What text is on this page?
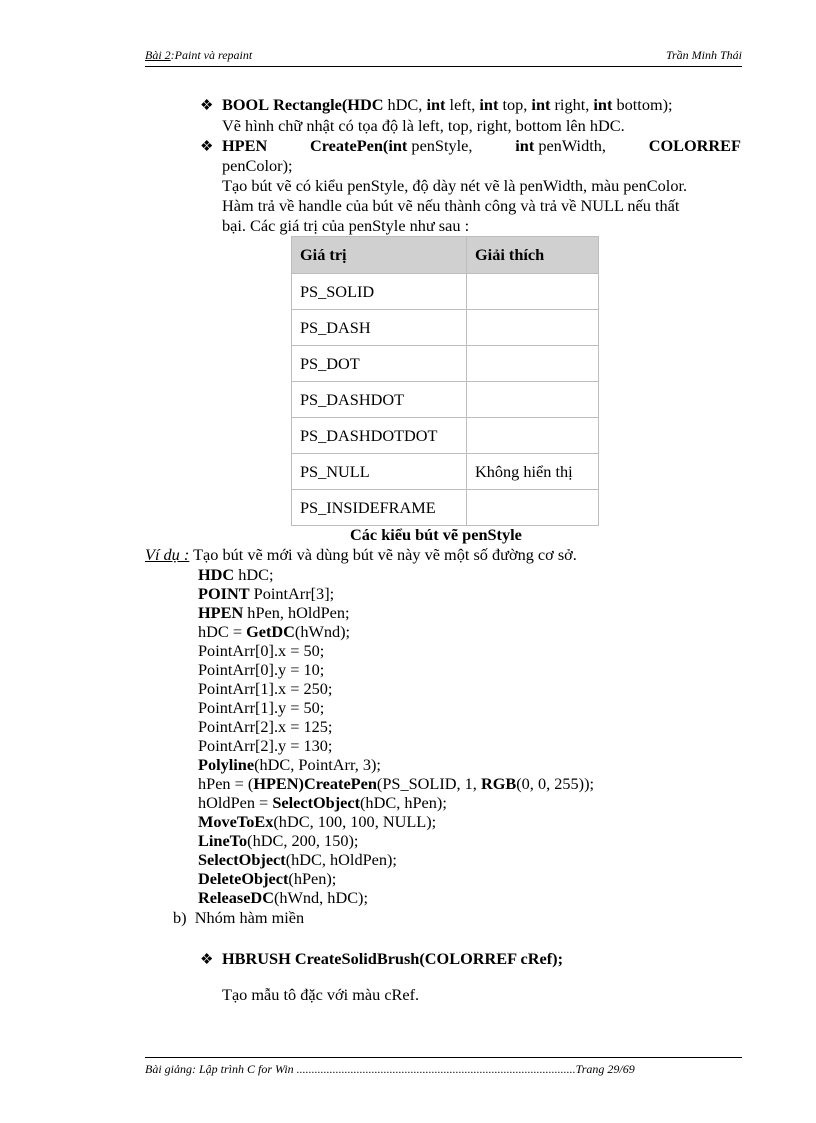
Bài 2:Paint và repaint	Trần Minh Thái
❖ BOOL Rectangle(HDC hDC, int left, int top, int right, int bottom);
Vẽ hình chữ nhật có tọa độ là left, top, right, bottom lên hDC.
❖ HPEN	CreatePen(int penStyle,	int penWidth,	COLORREF
penColor);
Tạo bút vẽ có kiểu penStyle, độ dày nét vẽ là penWidth, màu penColor.
Hàm trả về handle của bút vẽ nếu thành công và trả về NULL nếu thất
bại. Các giá trị của penStyle như sau :
Giá trị	Giải thích
PS_SOLID	
PS_DASH	
PS_DOT	
PS_DASHDOT	
PS_DASHDOTDOT	
PS_NULL	Không hiển thị
PS_INSIDEFRAME	
Các kiểu bút vẽ penStyle
Ví dụ : Tạo bút vẽ mới và dùng bút vẽ này vẽ một số đường cơ sở.
HDC hDC;
POINT PointArr[3];
HPEN hPen, hOldPen;
hDC = GetDC(hWnd);
PointArr[0].x = 50;
PointArr[0].y = 10;
PointArr[1].x = 250;
PointArr[1].y = 50;
PointArr[2].x = 125;
PointArr[2].y = 130;
Polyline(hDC, PointArr, 3);
hPen = (HPEN)CreatePen(PS_SOLID, 1, RGB(0, 0, 255));
hOldPen = SelectObject(hDC, hPen);
MoveToEx(hDC, 100, 100, NULL);
LineTo(hDC, 200, 150);
SelectObject(hDC, hOldPen);
DeleteObject(hPen);
ReleaseDC(hWnd, hDC);
b) Nhóm hàm miền
❖ HBRUSH CreateSolidBrush(COLORREF cRef);
Tạo mẫu tô đặc với màu cRef.
Bài giảng: Lập trình C for Win .............................................................................................Trang 29/69
